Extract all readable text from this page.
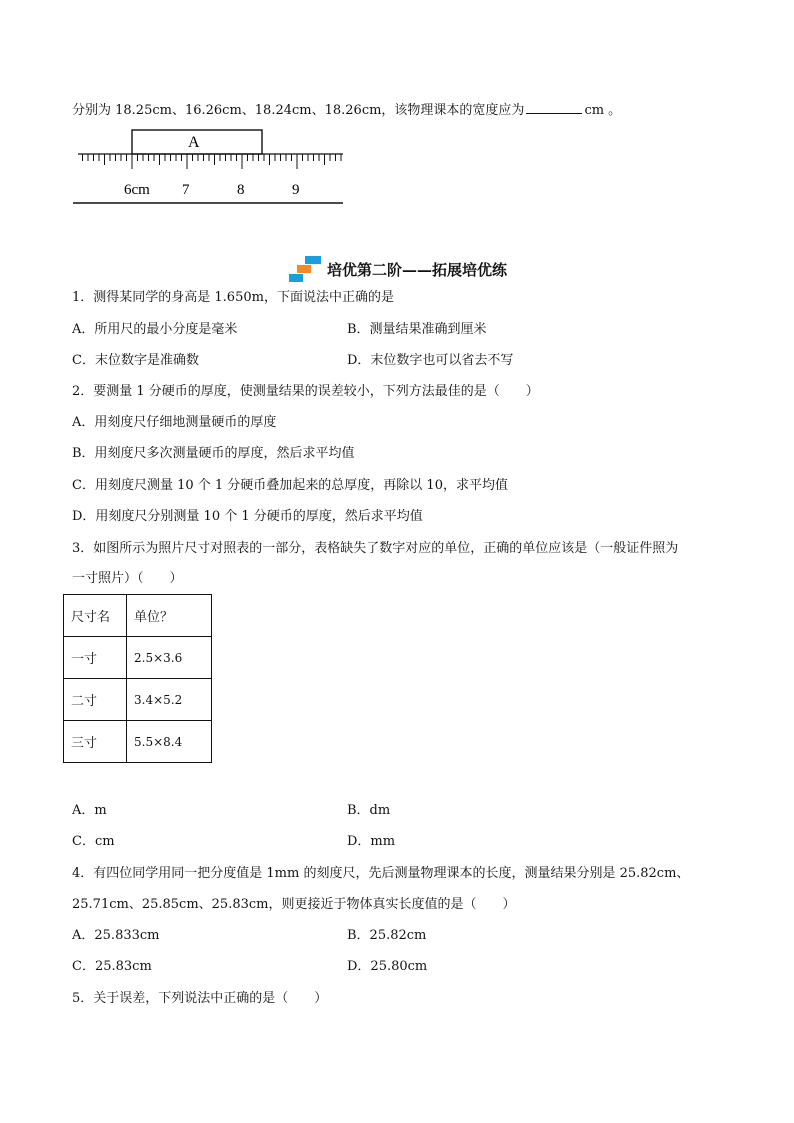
分别为 18.25cm、16.26cm、18.24cm、18.26cm，该物理课本的宽度应为	cm 。
A
6cm 7	8	9
培优第二阶——拓展培优练
1．测得某同学的身高是 1.650m，下面说法中正确的是
A．所用尺的最小分度是毫米	B．测量结果准确到厘米
C．末位数字是准确数	D．末位数字也可以省去不写
2．要测量 1 分硬币的厚度，使测量结果的误差较小，下列方法最佳的是（　　）
A．用刻度尺仔细地测量硬币的厚度
B．用刻度尺多次测量硬币的厚度，然后求平均值
C．用刻度尺测量 10 个 1 分硬币叠加起来的总厚度，再除以 10，求平均值
D．用刻度尺分别测量 10 个 1 分硬币的厚度，然后求平均值
3．如图所示为照片尺寸对照表的一部分，表格缺失了数字对应的单位，正确的单位应该是（一般证件照为
一寸照片）（　　）
尺寸名	单位？
一寸	2.5×3.6
二寸	3.4×5.2
三寸	5.5×8.4
A．m	B．dm
C．cm	D．mm
4．有四位同学用同一把分度值是 1mm 的刻度尺，先后测量物理课本的长度，测量结果分别是 25.82cm、
25.71cm、25.85cm、25.83cm，则更接近于物体真实长度值的是（　　）
A．25.833cm	B．25.82cm
C．25.83cm	D．25.80cm
5．关于误差，下列说法中正确的是（　　）
